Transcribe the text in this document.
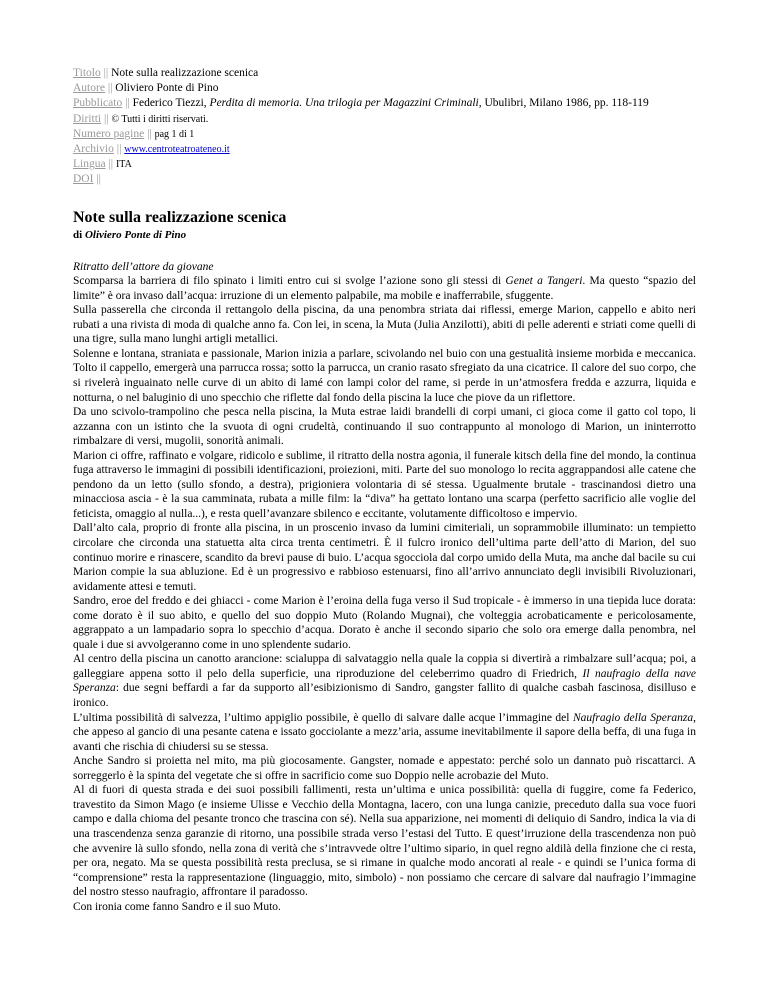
Titolo || Note sulla realizzazione scenica
Autore || Oliviero Ponte di Pino
Pubblicato || Federico Tiezzi, Perdita di memoria. Una trilogia per Magazzini Criminali, Ubulibri, Milano 1986, pp. 118-119
Diritti || © Tutti i diritti riservati.
Numero pagine || pag 1 di 1
Archivio || www.centroteatroateneo.it
Lingua || ITA
DOI ||
Note sulla realizzazione scenica
di Oliviero Ponte di Pino

Ritratto dell’attore da giovane

Scomparsa la barriera di filo spinato i limiti entro cui si svolge l’azione sono gli stessi di Genet a Tangeri. Ma questo “spazio del limite” è ora invaso dall’acqua: irruzione di un elemento palpabile, ma mobile e inafferrabile, sfuggente.

Sulla passerella che circonda il rettangolo della piscina, da una penombra striata dai riflessi, emerge Marion, cappello e abito neri rubati a una rivista di moda di qualche anno fa. Con lei, in scena, la Muta (Julia Anzilotti), abiti di pelle aderenti e striati come quelli di una tigre, sulla mano lunghi artigli metallici.

Solenne e lontana, straniata e passionale, Marion inizia a parlare, scivolando nel buio con una gestualità insieme morbida e meccanica. Tolto il cappello, emergerà una parrucca rossa; sotto la parrucca, un cranio rasato sfregiato da una cicatrice. Il calore del suo corpo, che si rivelerà inguainato nelle curve di un abito di lamé con lampi color del rame, si perde in un’atmosfera fredda e azzurra, liquida e notturna, o nel baluginio di uno specchio che riflette dal fondo della piscina la luce che piove da un riflettore.

Da uno scivolo-trampolino che pesca nella piscina, la Muta estrae laidi brandelli di corpi umani, ci gioca come il gatto col topo, li azzanna con un istinto che la svuota di ogni crudeltà, continuando il suo contrappunto al monologo di Marion, un ininterrotto rimbalzare di versi, mugolii, sonorità animali.

Marion ci offre, raffinato e volgare, ridicolo e sublime, il ritratto della nostra agonia, il funerale kitsch della fine del mondo, la continua fuga attraverso le immagini di possibili identificazioni, proiezioni, miti. Parte del suo monologo lo recita aggrappandosi alle catene che pendono da un letto (sullo sfondo, a destra), prigioniera volontaria di sé stessa. Ugualmente brutale - trascinandosi dietro una minacciosa ascia - è la sua camminata, rubata a mille film: la “diva” ha gettato lontano una scarpa (perfetto sacrificio alle voglie del feticista, omaggio al nulla...), e resta quell’avanzare sbilenco e eccitante, volutamente difficoltoso e impervio.

Dall’alto cala, proprio di fronte alla piscina, in un proscenio invaso da lumini cimiteriali, un soprammobile illuminato: un tempietto circolare che circonda una statuetta alta circa trenta centimetri. È il fulcro ironico dell’ultima parte dell’atto di Marion, del suo continuo morire e rinascere, scandito da brevi pause di buio. L’acqua sgocciola dal corpo umido della Muta, ma anche dal bacile su cui Marion compie la sua abluzione. Ed è un progressivo e rabbioso estenuarsi, fino all’arrivo annunciato degli invisibili Rivoluzionari, avidamente attesi e temuti.

Sandro, eroe del freddo e dei ghiacci - come Marion è l’eroina della fuga verso il Sud tropicale - è immerso in una tiepida luce dorata: come dorato è il suo abito, e quello del suo doppio Muto (Rolando Mugnai), che volteggia acrobaticamente e pericolosamente, aggrappato a un lampadario sopra lo specchio d’acqua. Dorato è anche il secondo sipario che solo ora emerge dalla penombra, nel quale i due si avvolgeranno come in uno splendente sudario.

Al centro della piscina un canotto arancione: scialuppa di salvataggio nella quale la coppia si divertirà a rimbalzare sull’acqua; poi, a galleggiare appena sotto il pelo della superficie, una riproduzione del celeberrimo quadro di Friedrich, Il naufragio della nave Speranza: due segni beffardi a far da supporto all’esibizionismo di Sandro, gangster fallito di qualche casbah fascinosa, disilluso e ironico.

L’ultima possibilità di salvezza, l’ultimo appiglio possibile, è quello di salvare dalle acque l’immagine del Naufragio della Speranza, che appeso al gancio di una pesante catena e issato gocciolante a mezz’aria, assume inevitabilmente il sapore della beffa, di una fuga in avanti che rischia di chiudersi su se stessa.

Anche Sandro si proietta nel mito, ma più giocosamente. Gangster, nomade e appestato: perché solo un dannato può riscattarci. A sorreggerlo è la spinta del vegetate che si offre in sacrificio come suo Doppio nelle acrobazie del Muto.

Al di fuori di questa strada e dei suoi possibili fallimenti, resta un’ultima e unica possibilità: quella di fuggire, come fa Federico, travestito da Simon Mago (e insieme Ulisse e Vecchio della Montagna, lacero, con una lunga canizie, preceduto dalla sua voce fuori campo e dalla chioma del pesante tronco che trascina con sé). Nella sua apparizione, nei momenti di deliquio di Sandro, indica la via di una trascendenza senza garanzie di ritorno, una possibile strada verso l’estasi del Tutto. E quest’irruzione della trascendenza non può che avvenire là sullo sfondo, nella zona di verità che s’intravvede oltre l’ultimo sipario, in quel regno aldilà della finzione che ci resta, per ora, negato. Ma se questa possibilità resta preclusa, se si rimane in qualche modo ancorati al reale - e quindi se l’unica forma di “comprensione” resta la rappresentazione (linguaggio, mito, simbolo) - non possiamo che cercare di salvare dal naufragio l’immagine del nostro stesso naufragio, affrontare il paradosso.

Con ironia come fanno Sandro e il suo Muto.
